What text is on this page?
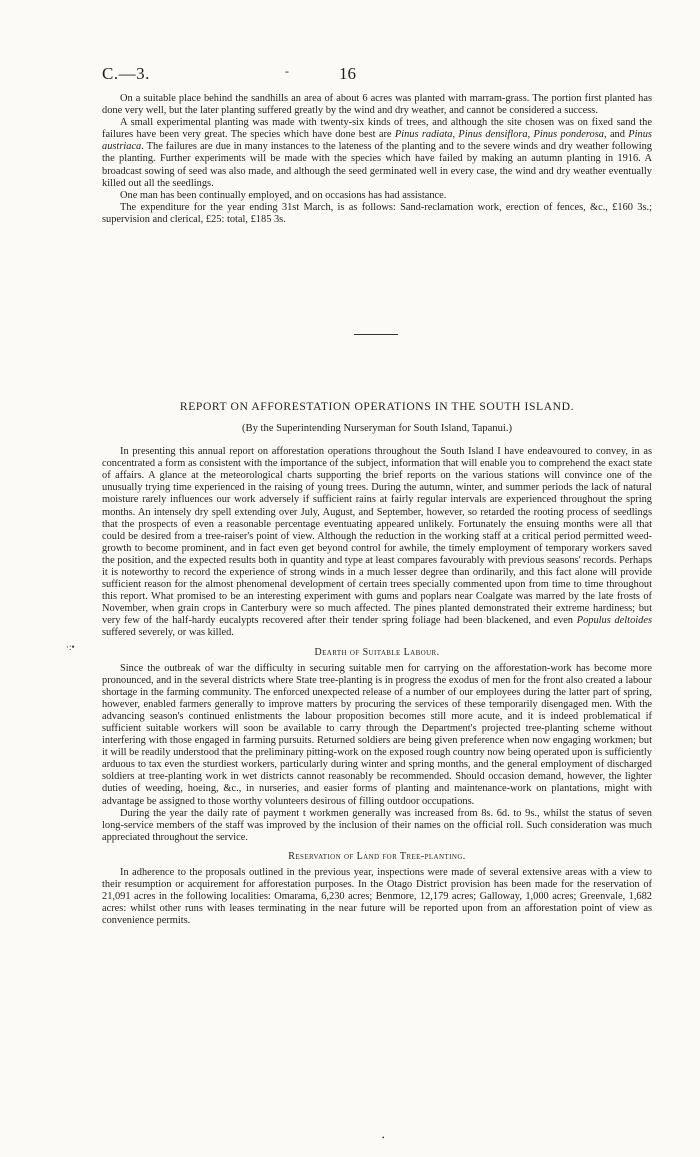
·:•
•
C.—3.	-	16

On a suitable place behind the sandhills an area of about 6 acres was planted with marram-grass. The portion first planted has done very well, but the later planting suffered greatly by the wind and dry weather, and cannot be considered a success.

A small experimental planting was made with twenty-six kinds of trees, and although the site chosen was on fixed sand the failures have been very great. The species which have done best are Pinus radiata, Pinus densiflora, Pinus ponderosa, and Pinus austriaca. The failures are due in many instances to the lateness of the planting and to the severe winds and dry weather following the planting. Further experiments will be made with the species which have failed by making an autumn planting in 1916. A broadcast sowing of seed was also made, and although the seed germinated well in every case, the wind and dry weather eventually killed out all the seedlings.

One man has been continually employed, and on occasions has had assistance.

The expenditure for the year ending 31st March, is as follows: Sand-reclamation work, erection of fences, &c., £160 3s.; supervision and clerical, £25: total, £185 3s.

REPORT ON AFFORESTATION OPERATIONS IN THE SOUTH ISLAND.
(By the Superintending Nurseryman for South Island, Tapanui.)

In presenting this annual report on afforestation operations throughout the South Island I have endeavoured to convey, in as concentrated a form as consistent with the importance of the subject, information that will enable you to comprehend the exact state of affairs. A glance at the meteorological charts supporting the brief reports on the various stations will convince one of the unusually trying time experienced in the raising of young trees. During the autumn, winter, and summer periods the lack of natural moisture rarely influences our work adversely if sufficient rains at fairly regular intervals are experienced throughout the spring months. An intensely dry spell extending over July, August, and September, however, so retarded the rooting process of seedlings that the prospects of even a reasonable percentage eventuating appeared unlikely. Fortunately the ensuing months were all that could be desired from a tree-raiser's point of view. Although the reduction in the working staff at a critical period permitted weed-growth to become prominent, and in fact even get beyond control for awhile, the timely employment of temporary workers saved the position, and the expected results both in quantity and type at least compares favourably with previous seasons' records. Perhaps it is noteworthy to record the experience of strong winds in a much lesser degree than ordinarily, and this fact alone will provide sufficient reason for the almost phenomenal development of certain trees specially commented upon from time to time throughout this report. What promised to be an interesting experiment with gums and poplars near Coalgate was marred by the late frosts of November, when grain crops in Canterbury were so much affected. The pines planted demonstrated their extreme hardiness; but very few of the half-hardy eucalypts recovered after their tender spring foliage had been blackened, and even Populus deltoides suffered severely, or was killed.

Dearth of Suitable Labour.

Since the outbreak of war the difficulty in securing suitable men for carrying on the afforestation-work has become more pronounced, and in the several districts where State tree-planting is in progress the exodus of men for the front also created a labour shortage in the farming community. The enforced unexpected release of a number of our employees during the latter part of spring, however, enabled farmers generally to improve matters by procuring the services of these temporarily disengaged men. With the advancing season's continued enlistments the labour proposition becomes still more acute, and it is indeed problematical if sufficient suitable workers will soon be available to carry through the Department's projected tree-planting scheme without interfering with those engaged in farming pursuits. Returned soldiers are being given preference when now engaging workmen; but it will be readily understood that the preliminary pitting-work on the exposed rough country now being operated upon is sufficiently arduous to tax even the sturdiest workers, particularly during winter and spring months, and the general employment of discharged soldiers at tree-planting work in wet districts cannot reasonably be recommended. Should occasion demand, however, the lighter duties of weeding, hoeing, &c., in nurseries, and easier forms of planting and maintenance-work on plantations, might with advantage be assigned to those worthy volunteers desirous of filling outdoor occupations.

During the year the daily rate of payment t workmen generally was increased from 8s. 6d. to 9s., whilst the status of seven long-service members of the staff was improved by the inclusion of their names on the official roll. Such consideration was much appreciated throughout the service.

Reservation of Land for Tree-planting.

In adherence to the proposals outlined in the previous year, inspections were made of several extensive areas with a view to their resumption or acquirement for afforestation purposes. In the Otago District provision has been made for the reservation of 21,091 acres in the following localities: Omarama, 6,230 acres; Benmore, 12,179 acres; Galloway, 1,000 acres; Greenvale, 1,682 acres: whilst other runs with leases terminating in the near future will be reported upon from an afforestation point of view as convenience permits.
